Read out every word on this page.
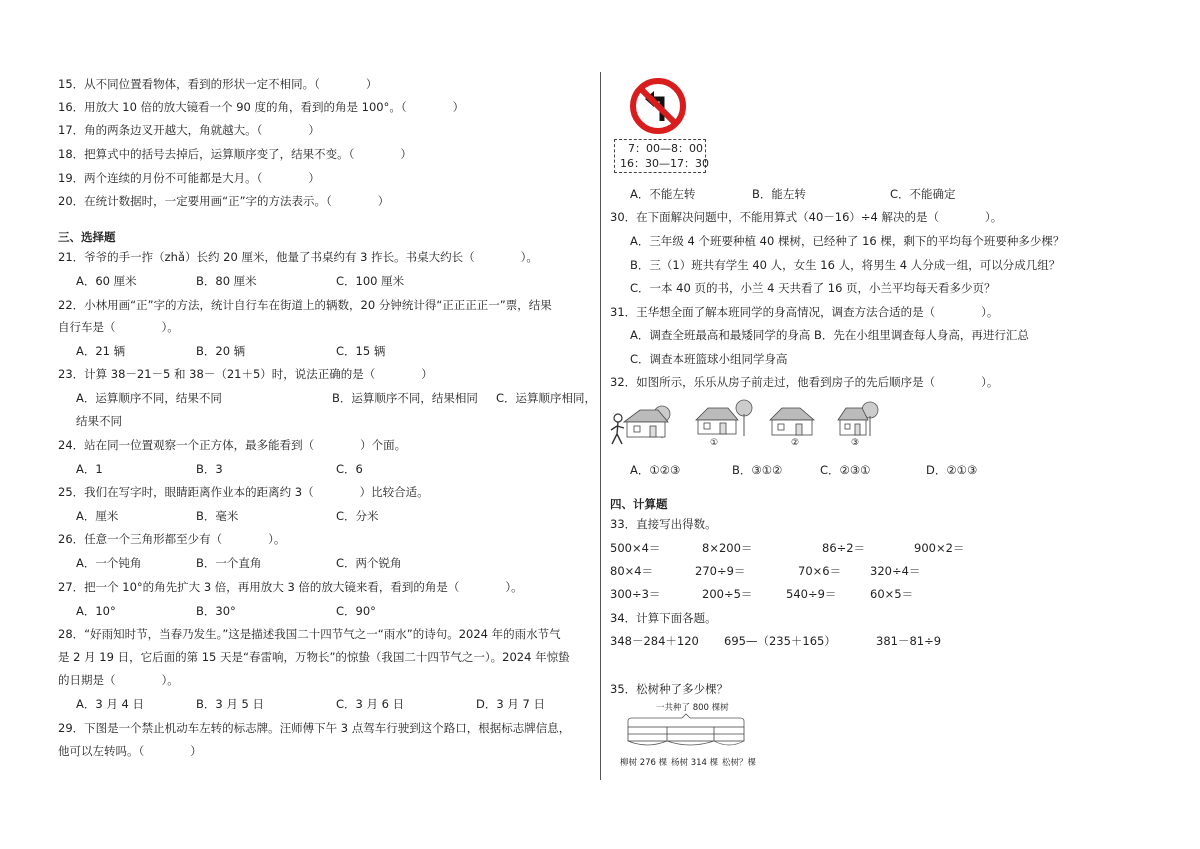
15．从不同位置看物体，看到的形状一定不相同。（　　　　）
16．用放大 10 倍的放大镜看一个 90 度的角，看到的角是 100°。（　　　　）
17．角的两条边叉开越大，角就越大。（　　　　）
18．把算式中的括号去掉后，运算顺序变了，结果不变。（　　　　）
19．两个连续的月份不可能都是大月。（　　　　）
20．在统计数据时，一定要用画“正”字的方法表示。（　　　　）
三、选择题
21．爷爷的手一拃（zhǎ）长约 20 厘米，他量了书桌约有 3 拃长。书桌大约长（　　　　）。
A．60 厘米	B．80 厘米	C．100 厘米
22．小林用画“正”字的方法，统计自行车在街道上的辆数，20 分钟统计得“正正正正一”票，结果
自行车是（　　　　）。
A．21 辆	B．20 辆	C．15 辆
23．计算 38－21－5 和 38－（21＋5）时，说法正确的是（　　　　）
A．运算顺序不同，结果不同	B．运算顺序不同，结果相同 C．运算顺序相同，
结果不同
24．站在同一位置观察一个正方体，最多能看到（　　　　）个面。
A．1	B．3	C．6
25．我们在写字时，眼睛距离作业本的距离约 3（　　　　）比较合适。
A．厘米	B．毫米	C．分米
26．任意一个三角形都至少有（　　　　）。
A．一个钝角	B．一个直角	C．两个锐角
27．把一个 10°的角先扩大 3 倍，再用放大 3 倍的放大镜来看，看到的角是（　　　　）。
A．10°	B．30°	C．90°
28．“好雨知时节，当春乃发生。”这是描述我国二十四节气之一“雨水”的诗句。2024 年的雨水节气
是 2 月 19 日，它后面的第 15 天是“春雷响，万物长”的惊蛰（我国二十四节气之一）。2024 年惊蛰
的日期是（　　　　）。
A．3 月 4 日	B．3 月 5 日	C．3 月 6 日	D．3 月 7 日
29．下图是一个禁止机动车左转的标志牌。汪师傅下午 3 点驾车行驶到这个路口，根据标志牌信息，
他可以左转吗。（　　　　）
7：00—8：00
16：30—17：30
A．不能左转	B．能左转	C．不能确定
30．在下面解决问题中，不能用算式（40－16）÷4 解决的是（　　　　）。
A．三年级 4 个班要种植 40 棵树，已经种了 16 棵，剩下的平均每个班要种多少棵？
B．三（1）班共有学生 40 人，女生 16 人，将男生 4 人分成一组，可以分成几组？
C．一本 40 页的书，小兰 4 天共看了 16 页，小兰平均每天看多少页？
31．王华想全面了解本班同学的身高情况，调查方法合适的是（　　　　）。
A．调查全班最高和最矮同学的身高 B．先在小组里调查每人身高，再进行汇总
C．调查本班篮球小组同学身高
32．如图所示，乐乐从房子前走过，他看到房子的先后顺序是（　　　　）。
①	②	③
A．①②③	B．③①②	C．②③①	D．②①③
四、计算题
33．直接写出得数。
500×4＝	8×200＝	86÷2＝	900×2＝
80×4＝	270÷9＝	70×6＝	320÷4＝
300÷3＝	200÷5＝	540÷9＝	60×5＝
34．计算下面各题。
348－284＋120 695—（235＋165）	381－81÷9
35．松树种了多少棵？
一共种了 800 棵树
柳树 276 棵 杨树 314 棵 松树？棵
